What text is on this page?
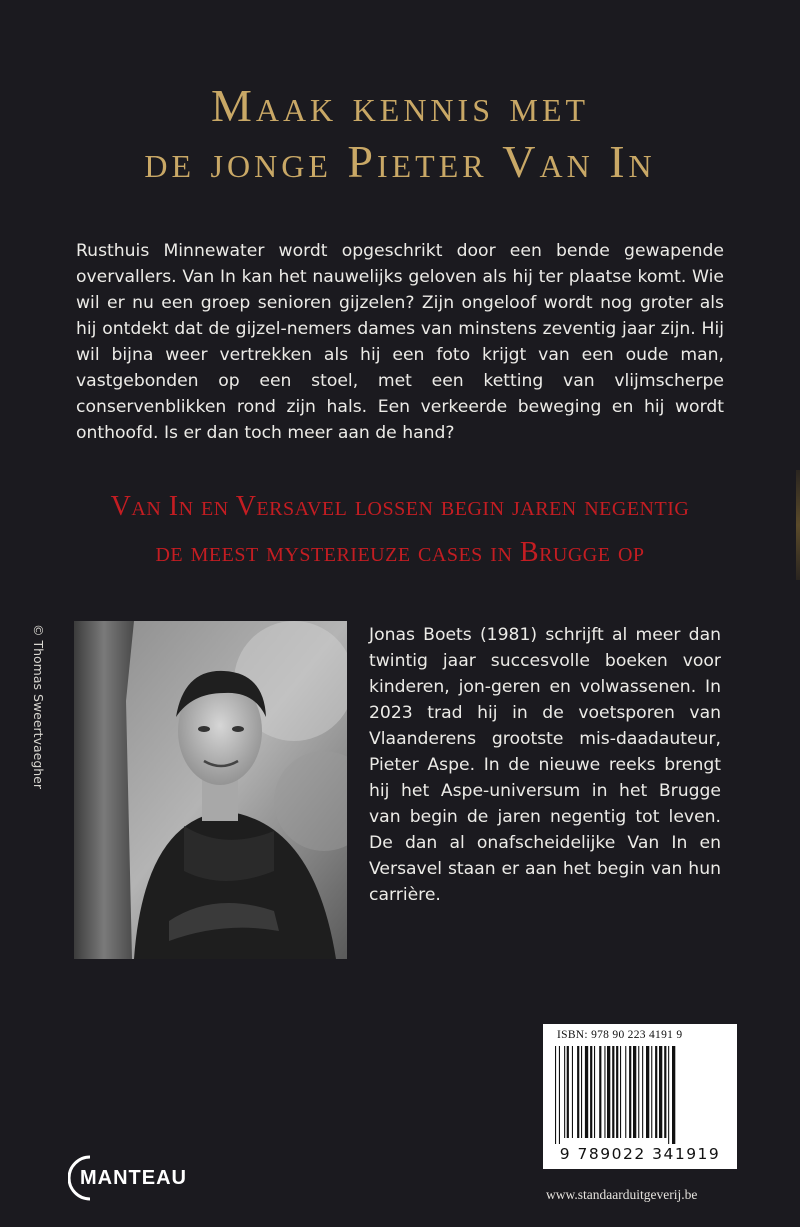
Maak kennis met
de jonge Pieter Van In
Rusthuis Minnewater wordt opgeschrikt door een bende gewapende overvallers. Van In kan het nauwelijks geloven als hij ter plaatse komt. Wie wil er nu een groep senioren gijzelen? Zijn ongeloof wordt nog groter als hij ontdekt dat de gijzel-nemers dames van minstens zeventig jaar zijn. Hij wil bijna weer vertrekken als hij een foto krijgt van een oude man, vastgebonden op een stoel, met een ketting van vlijmscherpe conservenblikken rond zijn hals. Een verkeerde beweging en hij wordt onthoofd. Is er dan toch meer aan de hand?
Van In en Versavel lossen begin jaren negentig
de meest mysterieuze cases in Brugge op
© Thomas Sweertvaegher	Jonas Boets (1981) schrijft al meer dan twintig jaar succesvolle boeken voor kinderen, jon-geren en volwassenen. In 2023 trad hij in de voetsporen van Vlaanderens grootste mis-daadauteur, Pieter Aspe. In de nieuwe reeks brengt hij het Aspe-universum in het Brugge van begin de jaren negentig tot leven. De dan al onafscheidelijke Van In en Versavel staan er aan het begin van hun carrière.
ISBN: 978 90 223 4191 9
9 789022 341919
www.standaarduitgeverij.be
MANTEAU
